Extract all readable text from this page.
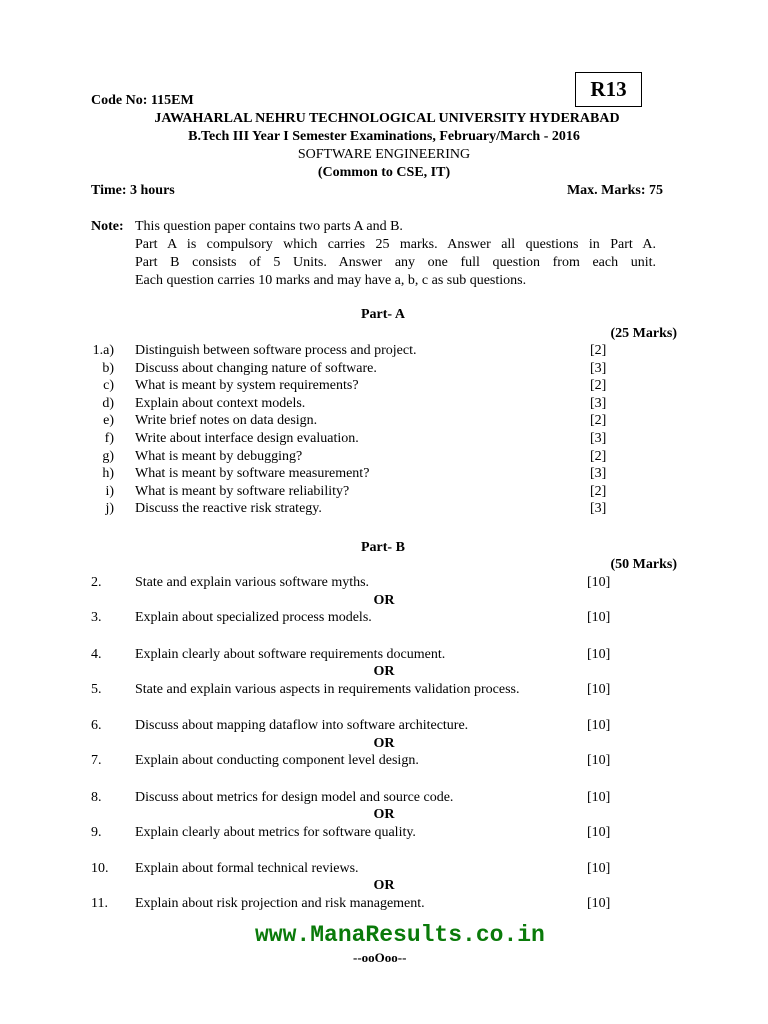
R13
Code No: 115EM
JAWAHARLAL NEHRU TECHNOLOGICAL UNIVERSITY HYDERABAD
B.Tech III Year I Semester Examinations, February/March - 2016
SOFTWARE ENGINEERING
(Common to CSE, IT)
Time: 3 hours	Max. Marks: 75
Note: This question paper contains two parts A and B.
Part A is compulsory which carries 25 marks. Answer all questions in Part A.
Part B consists of 5 Units. Answer any one full question from each unit.
Each question carries 10 marks and may have a, b, c as sub questions.
Part- A
(25 Marks)
1.a) Distinguish between software process and project.	[2]
b) Discuss about changing nature of software.	[3]
c) What is meant by system requirements?	[2]
d) Explain about context models.	[3]
e) Write brief notes on data design.	[2]
f) Write about interface design evaluation.	[3]
g) What is meant by debugging?	[2]
h) What is meant by software measurement?	[3]
i) What is meant by software reliability?	[2]
j) Discuss the reactive risk strategy.	[3]
Part- B
(50 Marks)
2. State and explain various software myths.	[10]
OR
3. Explain about specialized process models.	[10]
4. Explain clearly about software requirements document.	[10]
OR
5. State and explain various aspects in requirements validation process.	[10]
6. Discuss about mapping dataflow into software architecture.	[10]
OR
7. Explain about conducting component level design.	[10]
8. Discuss about metrics for design model and source code.	[10]
OR
9. Explain clearly about metrics for software quality.	[10]
10. Explain about formal technical reviews.	[10]
OR
11. Explain about risk projection and risk management.	[10]
www.ManaResults.co.in
--ooOoo--
